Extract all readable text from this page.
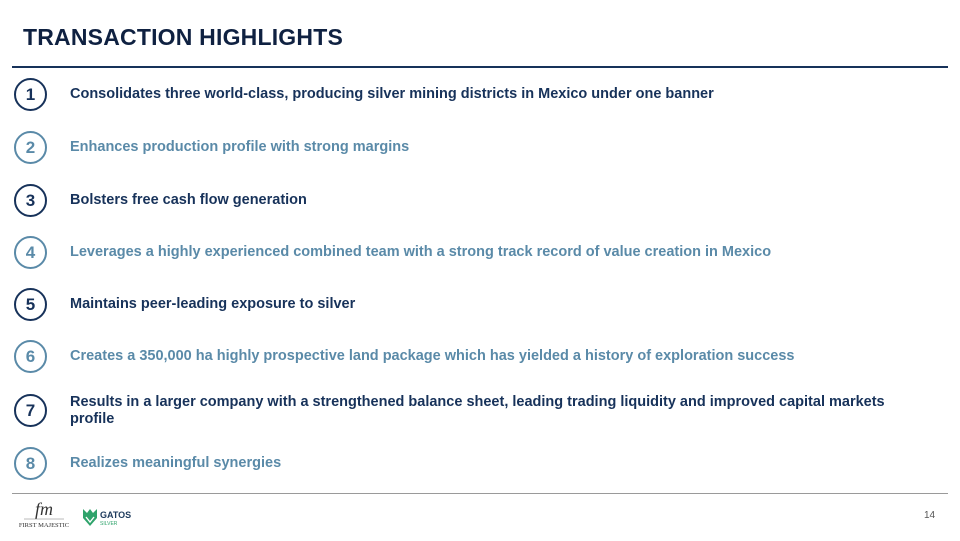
TRANSACTION HIGHLIGHTS
1	Consolidates three world-class, producing silver mining districts in Mexico under one banner
2	Enhances production profile with strong margins
3	Bolsters free cash flow generation
4	Leverages a highly experienced combined team with a strong track record of value creation in Mexico
5	Maintains peer-leading exposure to silver
6	Creates a 350,000 ha highly prospective land package which has yielded a history of exploration success
7	Results in a larger company with a strengthened balance sheet, leading trading liquidity and improved capital markets profile
8	Realizes meaningful synergies
fm
FIRST MAJESTIC
GATOS
SILVER
14
